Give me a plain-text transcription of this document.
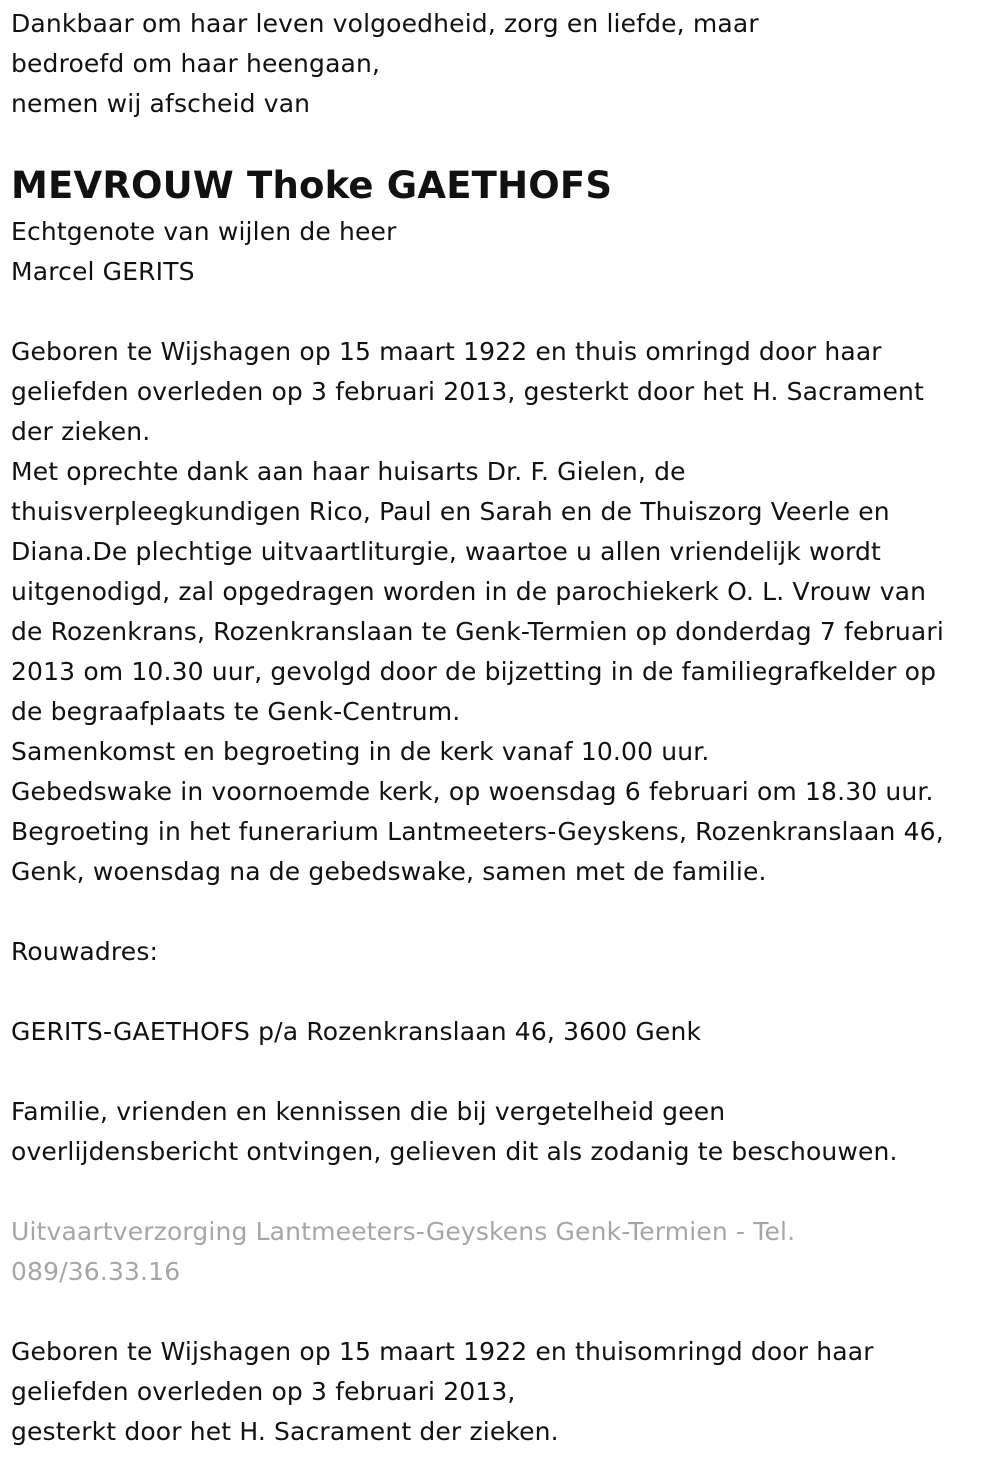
Dankbaar om haar leven volgoedheid, zorg en liefde, maar
bedroefd om haar heengaan,
nemen wij afscheid van
MEVROUW Thoke GAETHOFS
Echtgenote van wijlen de heer
Marcel GERITS
Geboren te Wijshagen op 15 maart 1922 en thuis omringd door haar
geliefden overleden op 3 februari 2013, gesterkt door het H. Sacrament
der zieken.
Met oprechte dank aan haar huisarts Dr. F. Gielen, de
thuisverpleegkundigen Rico, Paul en Sarah en de Thuiszorg Veerle en
Diana.De plechtige uitvaartliturgie, waartoe u allen vriendelijk wordt
uitgenodigd, zal opgedragen worden in de parochiekerk O. L. Vrouw van
de Rozenkrans, Rozenkranslaan te Genk-Termien op donderdag 7 februari
2013 om 10.30 uur, gevolgd door de bijzetting in de familiegrafkelder op
de begraafplaats te Genk-Centrum.
Samenkomst en begroeting in de kerk vanaf 10.00 uur.
Gebedswake in voornoemde kerk, op woensdag 6 februari om 18.30 uur.
Begroeting in het funerarium Lantmeeters-Geyskens, Rozenkranslaan 46,
Genk, woensdag na de gebedswake, samen met de familie.
Rouwadres:
GERITS-GAETHOFS p/a Rozenkranslaan 46, 3600 Genk
Familie, vrienden en kennissen die bij vergetelheid geen
overlijdensbericht ontvingen, gelieven dit als zodanig te beschouwen.
Uitvaartverzorging Lantmeeters-Geyskens Genk-Termien - Tel.
089/36.33.16
Geboren te Wijshagen op 15 maart 1922 en thuisomringd door haar
geliefden overleden op 3 februari 2013,
gesterkt door het H. Sacrament der zieken.
